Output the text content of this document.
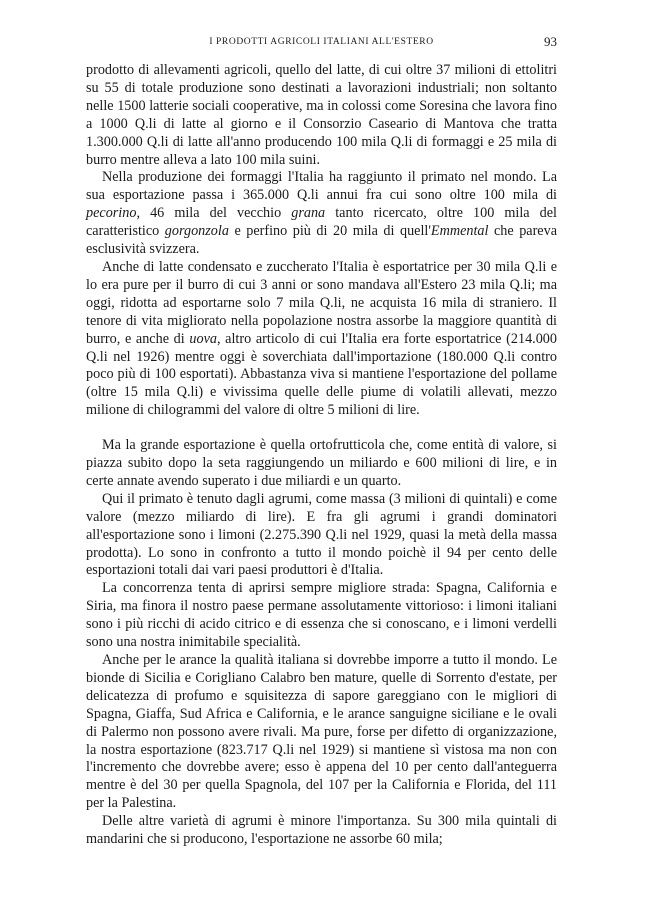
I PRODOTTI AGRICOLI ITALIANI ALL'ESTERO	93

prodotto di allevamenti agricoli, quello del latte, di cui oltre 37 milioni di ettolitri su 55 di totale produzione sono destinati a lavorazioni industriali; non soltanto nelle 1500 latterie sociali cooperative, ma in colossi come Soresina che lavora fino a 1000 Q.li di latte al giorno e il Consorzio Caseario di Mantova che tratta 1.300.000 Q.li di latte all'anno producendo 100 mila Q.li di formaggi e 25 mila di burro mentre alleva a lato 100 mila suini.

Nella produzione dei formaggi l'Italia ha raggiunto il primato nel mondo. La sua esportazione passa i 365.000 Q.li annui fra cui sono oltre 100 mila di pecorino, 46 mila del vecchio grana tanto ricercato, oltre 100 mila del caratteristico gorgonzola e perfino più di 20 mila di quell'Emmental che pareva esclusività svizzera.

Anche di latte condensato e zuccherato l'Italia è esportatrice per 30 mila Q.li e lo era pure per il burro di cui 3 anni or sono mandava all'Estero 23 mila Q.li; ma oggi, ridotta ad esportarne solo 7 mila Q.li, ne acquista 16 mila di straniero. Il tenore di vita migliorato nella popolazione nostra assorbe la maggiore quantità di burro, e anche di uova, altro articolo di cui l'Italia era forte esportatrice (214.000 Q.li nel 1926) mentre oggi è soverchiata dall'importazione (180.000 Q.li contro poco più di 100 esportati). Abbastanza viva si mantiene l'esportazione del pollame (oltre 15 mila Q.li) e vivissima quelle delle piume di volatili allevati, mezzo milione di chilogrammi del valore di oltre 5 milioni di lire.

Ma la grande esportazione è quella ortofrutticola che, come entità di valore, si piazza subito dopo la seta raggiungendo un miliardo e 600 milioni di lire, e in certe annate avendo superato i due miliardi e un quarto.

Qui il primato è tenuto dagli agrumi, come massa (3 milioni di quintali) e come valore (mezzo miliardo di lire). E fra gli agrumi i grandi dominatori all'esportazione sono i limoni (2.275.390 Q.li nel 1929, quasi la metà della massa prodotta). Lo sono in confronto a tutto il mondo poichè il 94 per cento delle esportazioni totali dai vari paesi produttori è d'Italia.

La concorrenza tenta di aprirsi sempre migliore strada: Spagna, California e Siria, ma finora il nostro paese permane assolutamente vittorioso: i limoni italiani sono i più ricchi di acido citrico e di essenza che si conoscano, e i limoni verdelli sono una nostra inimitabile specialità.

Anche per le arance la qualità italiana si dovrebbe imporre a tutto il mondo. Le bionde di Sicilia e Corigliano Calabro ben mature, quelle di Sorrento d'estate, per delicatezza di profumo e squisitezza di sapore gareggiano con le migliori di Spagna, Giaffa, Sud Africa e California, e le arance sanguigne siciliane e le ovali di Palermo non possono avere rivali. Ma pure, forse per difetto di organizzazione, la nostra esportazione (823.717 Q.li nel 1929) si mantiene sì vistosa ma non con l'incremento che dovrebbe avere; esso è appena del 10 per cento dall'anteguerra mentre è del 30 per quella Spagnola, del 107 per la California e Florida, del 111 per la Palestina.

Delle altre varietà di agrumi è minore l'importanza. Su 300 mila quintali di mandarini che si producono, l'esportazione ne assorbe 60 mila;
